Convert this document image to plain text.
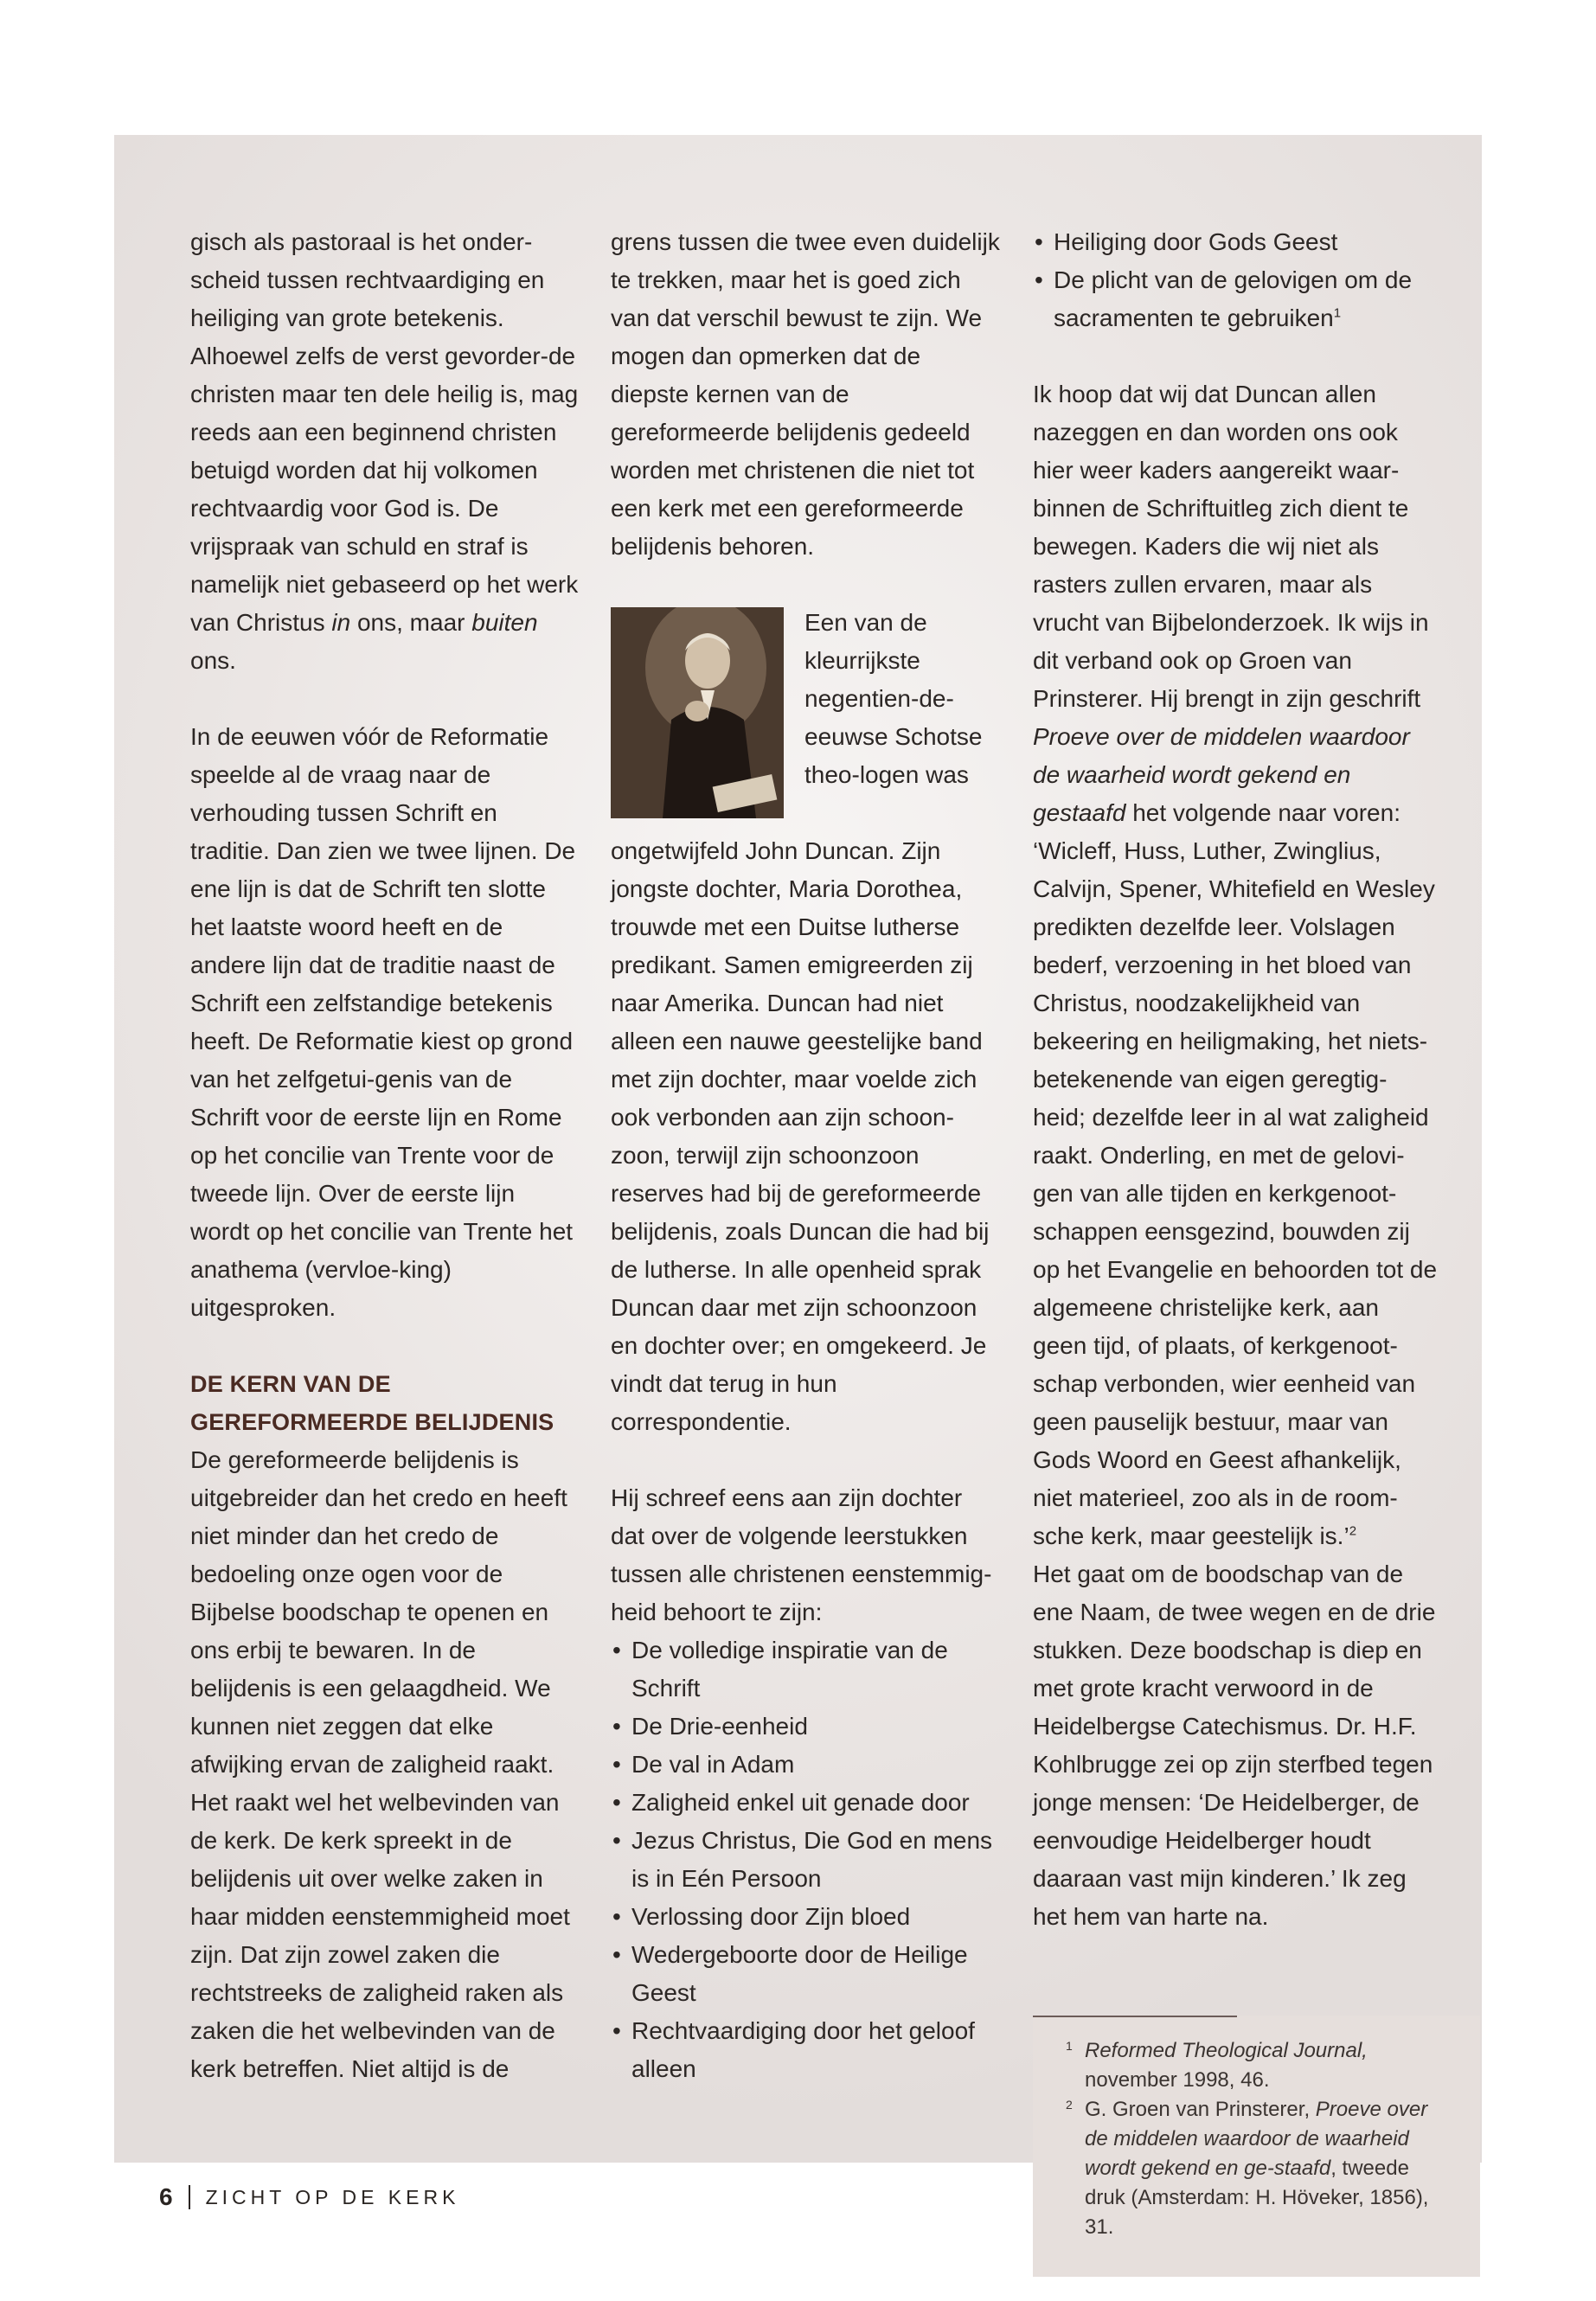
gisch als pastoraal is het onder-scheid tussen rechtvaardiging en heiliging van grote betekenis. Alhoewel zelfs de verst gevorder-de christen maar ten dele heilig is, mag reeds aan een beginnend christen betuigd worden dat hij volkomen rechtvaardig voor God is. De vrijspraak van schuld en straf is namelijk niet gebaseerd op het werk van Christus in ons, maar buiten ons.

In de eeuwen vóór de Reformatie speelde al de vraag naar de verhouding tussen Schrift en traditie. Dan zien we twee lijnen. De ene lijn is dat de Schrift ten slotte het laatste woord heeft en de andere lijn dat de traditie naast de Schrift een zelfstandige betekenis heeft. De Reformatie kiest op grond van het zelfgetui-genis van de Schrift voor de eerste lijn en Rome op het concilie van Trente voor de tweede lijn. Over de eerste lijn wordt op het concilie van Trente het anathema (vervloe-king) uitgesproken.

DE KERN VAN DE
GEREFORMEERDE BELIJDENIS

De gereformeerde belijdenis is uitgebreider dan het credo en heeft niet minder dan het credo de bedoeling onze ogen voor de Bijbelse boodschap te openen en ons erbij te bewaren. In de belijdenis is een gelaagdheid. We kunnen niet zeggen dat elke afwijking ervan de zaligheid raakt. Het raakt wel het welbevinden van de kerk. De kerk spreekt in de belijdenis uit over welke zaken in haar midden eenstemmigheid moet zijn. Dat zijn zowel zaken die rechtstreeks de zaligheid raken als zaken die het welbevinden van de kerk betreffen. Niet altijd is de

grens tussen die twee even duidelijk te trekken, maar het is goed zich van dat verschil bewust te zijn. We mogen dan opmerken dat de diepste kernen van de gereformeerde belijdenis gedeeld worden met christenen die niet tot een kerk met een gereformeerde belijdenis behoren.

Een van de kleurrijkste negentien-de-eeuwse Schotse theo-logen was

ongetwijfeld John Duncan. Zijn jongste dochter, Maria Dorothea, trouwde met een Duitse lutherse predikant. Samen emigreerden zij naar Amerika. Duncan had niet alleen een nauwe geestelijke band met zijn dochter, maar voelde zich ook verbonden aan zijn schoon-zoon, terwijl zijn schoonzoon reserves had bij de gereformeerde belijdenis, zoals Duncan die had bij de lutherse. In alle openheid sprak Duncan daar met zijn schoonzoon en dochter over; en omgekeerd. Je vindt dat terug in hun correspondentie.

Hij schreef eens aan zijn dochter dat over de volgende leerstukken tussen alle christenen eenstemmig-heid behoort te zijn:

• De volledige inspiratie van de Schrift
• De Drie-eenheid
• De val in Adam
• Zaligheid enkel uit genade door
• Jezus Christus, Die God en mens is in Eén Persoon
• Verlossing door Zijn bloed
• Wedergeboorte door de Heilige Geest
• Rechtvaardiging door het geloof alleen
• Heiliging door Gods Geest
• De plicht van de gelovigen om de sacramenten te gebruiken$^1$

Ik hoop dat wij dat Duncan allen nazeggen en dan worden ons ook hier weer kaders aangereikt waar-binnen de Schriftuitleg zich dient te bewegen. Kaders die wij niet als rasters zullen ervaren, maar als vrucht van Bijbelonderzoek. Ik wijs in dit verband ook op Groen van Prinsterer. Hij brengt in zijn geschrift Proeve over de middelen waardoor de waarheid wordt gekend en gestaafd het volgende naar voren: ‘Wicleff, Huss, Luther, Zwinglius, Calvijn, Spener, Whitefield en Wesley predikten dezelfde leer. Volslagen bederf, verzoening in het bloed van Christus, noodzakelijkheid van bekeering en heiligmaking, het niets-betekenende van eigen geregtig-heid; dezelfde leer in al wat zaligheid raakt. Onderling, en met de gelovi-gen van alle tijden en kerkgenoot-schappen eensgezind, bouwden zij op het Evangelie en behoorden tot de algemeene christelijke kerk, aan geen tijd, of plaats, of kerkgenoot-schap verbonden, wier eenheid van geen pauselijk bestuur, maar van Gods Woord en Geest afhankelijk, niet materieel, zoo als in de room-sche kerk, maar geestelijk is.’$^2$

Het gaat om de boodschap van de ene Naam, de twee wegen en de drie stukken. Deze boodschap is diep en met grote kracht verwoord in de Heidelbergse Catechismus. Dr. H.F. Kohlbrugge zei op zijn sterfbed tegen jonge mensen: ‘De Heidelberger, de eenvoudige Heidelberger houdt daaraan vast mijn kinderen.’ Ik zeg het hem van harte na.

1 Reformed Theological Journal,
november 1998, 46.

2 G. Groen van Prinsterer, Proeve over de middelen waardoor de waarheid wordt gekend en ge-staafd, tweede druk (Amsterdam: H. Höveker, 1856), 31.

6 ZICHT OP DE KERK
